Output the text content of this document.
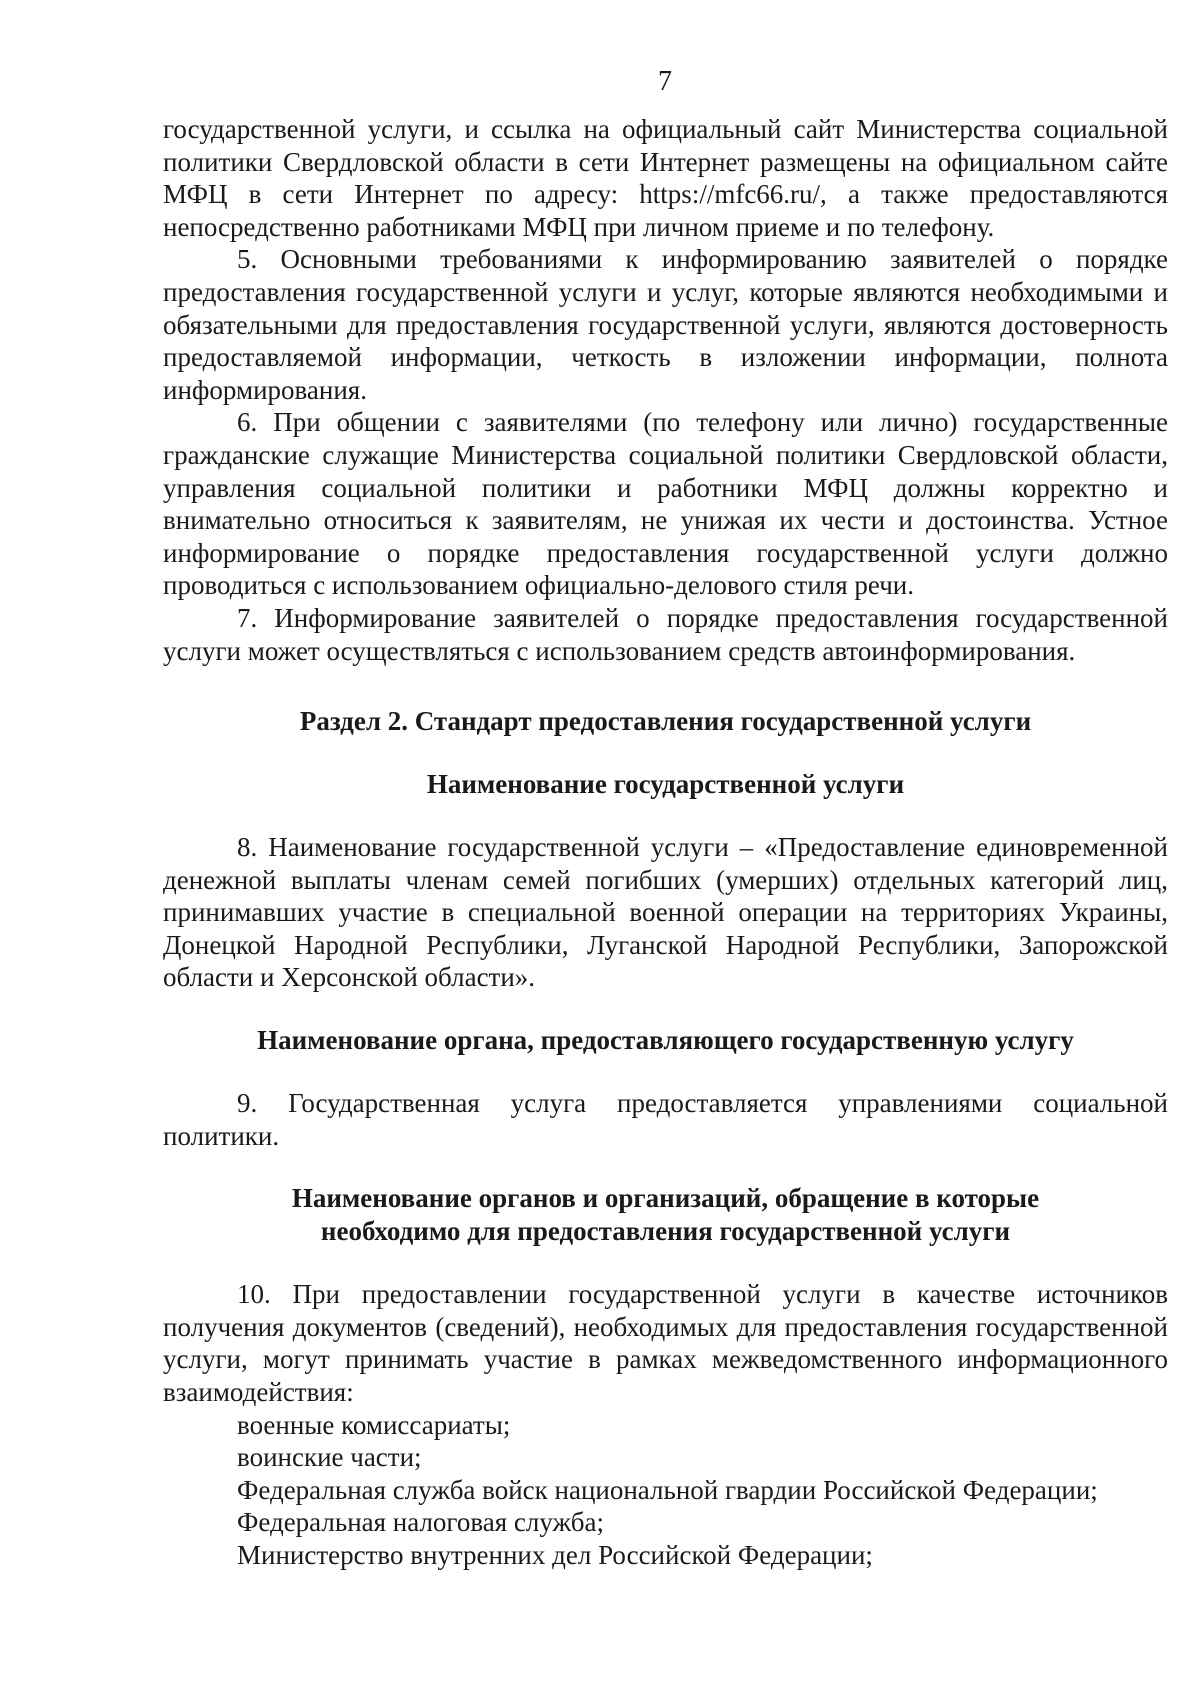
7

государственной услуги, и ссылка на официальный сайт Министерства социальной политики Свердловской области в сети Интернет размещены на официальном сайте МФЦ в сети Интернет по адресу: https://mfc66.ru/, а также предоставляются непосредственно работниками МФЦ при личном приеме и по телефону.

5. Основными требованиями к информированию заявителей о порядке предоставления государственной услуги и услуг, которые являются необходимыми и обязательными для предоставления государственной услуги, являются достоверность предоставляемой информации, четкость в изложении информации, полнота информирования.

6. При общении с заявителями (по телефону или лично) государственные гражданские служащие Министерства социальной политики Свердловской области, управления социальной политики и работники МФЦ должны корректно и внимательно относиться к заявителям, не унижая их чести и достоинства. Устное информирование о порядке предоставления государственной услуги должно проводиться с использованием официально-делового стиля речи.

7. Информирование заявителей о порядке предоставления государственной услуги может осуществляться с использованием средств автоинформирования.

Раздел 2. Стандарт предоставления государственной услуги

Наименование государственной услуги

8. Наименование государственной услуги – «Предоставление единовременной денежной выплаты членам семей погибших (умерших) отдельных категорий лиц, принимавших участие в специальной военной операции на территориях Украины, Донецкой Народной Республики, Луганской Народной Республики, Запорожской области и Херсонской области».

Наименование органа, предоставляющего государственную услугу

9. Государственная услуга предоставляется управлениями социальной политики.

Наименование органов и организаций, обращение в которые

необходимо для предоставления государственной услуги

10. При предоставлении государственной услуги в качестве источников получения документов (сведений), необходимых для предоставления государственной услуги, могут принимать участие в рамках межведомственного информационного взаимодействия:

военные комиссариаты;

воинские части;

Федеральная служба войск национальной гвардии Российской Федерации;

Федеральная налоговая служба;

Министерство внутренних дел Российской Федерации;
